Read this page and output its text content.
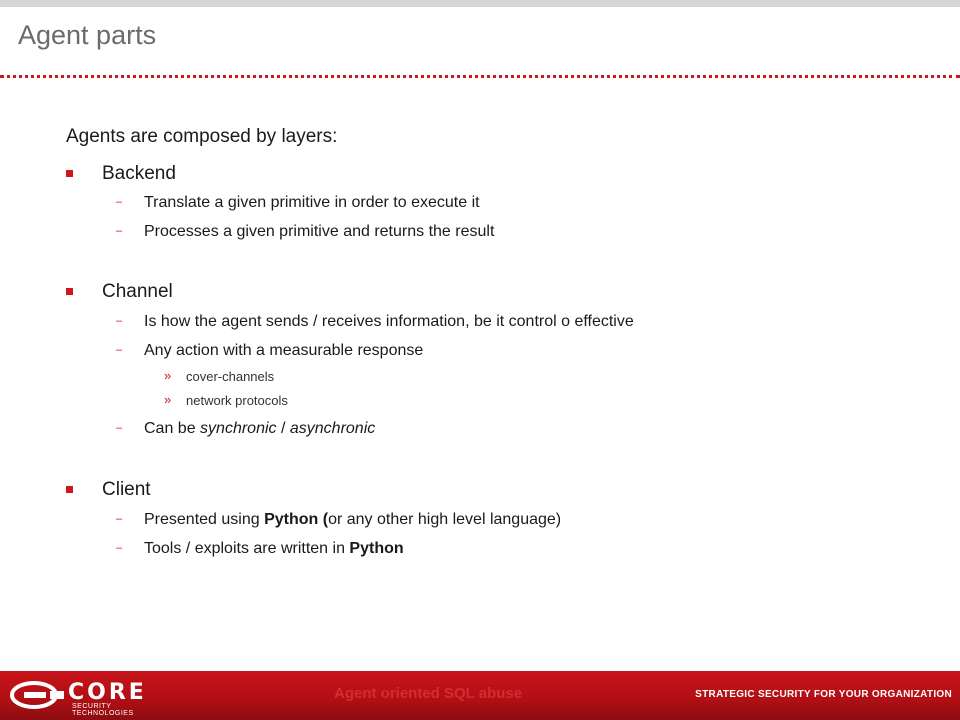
Agent parts
Agents are composed by layers:
Backend
– Translate a given primitive in order to execute it
– Processes a given primitive and returns the result
Channel
– Is how the agent sends / receives information, be it control o effective
– Any action with a measurable response
» cover-channels
» network protocols
– Can be synchronic / asynchronic
Client
– Presented using Python (or any other high level language)
– Tools / exploits are written in Python
CORE
SECURITY TECHNOLOGIES
Agent oriented SQL abuse	STRATEGIC SECURITY FOR YOUR ORGANIZATION
